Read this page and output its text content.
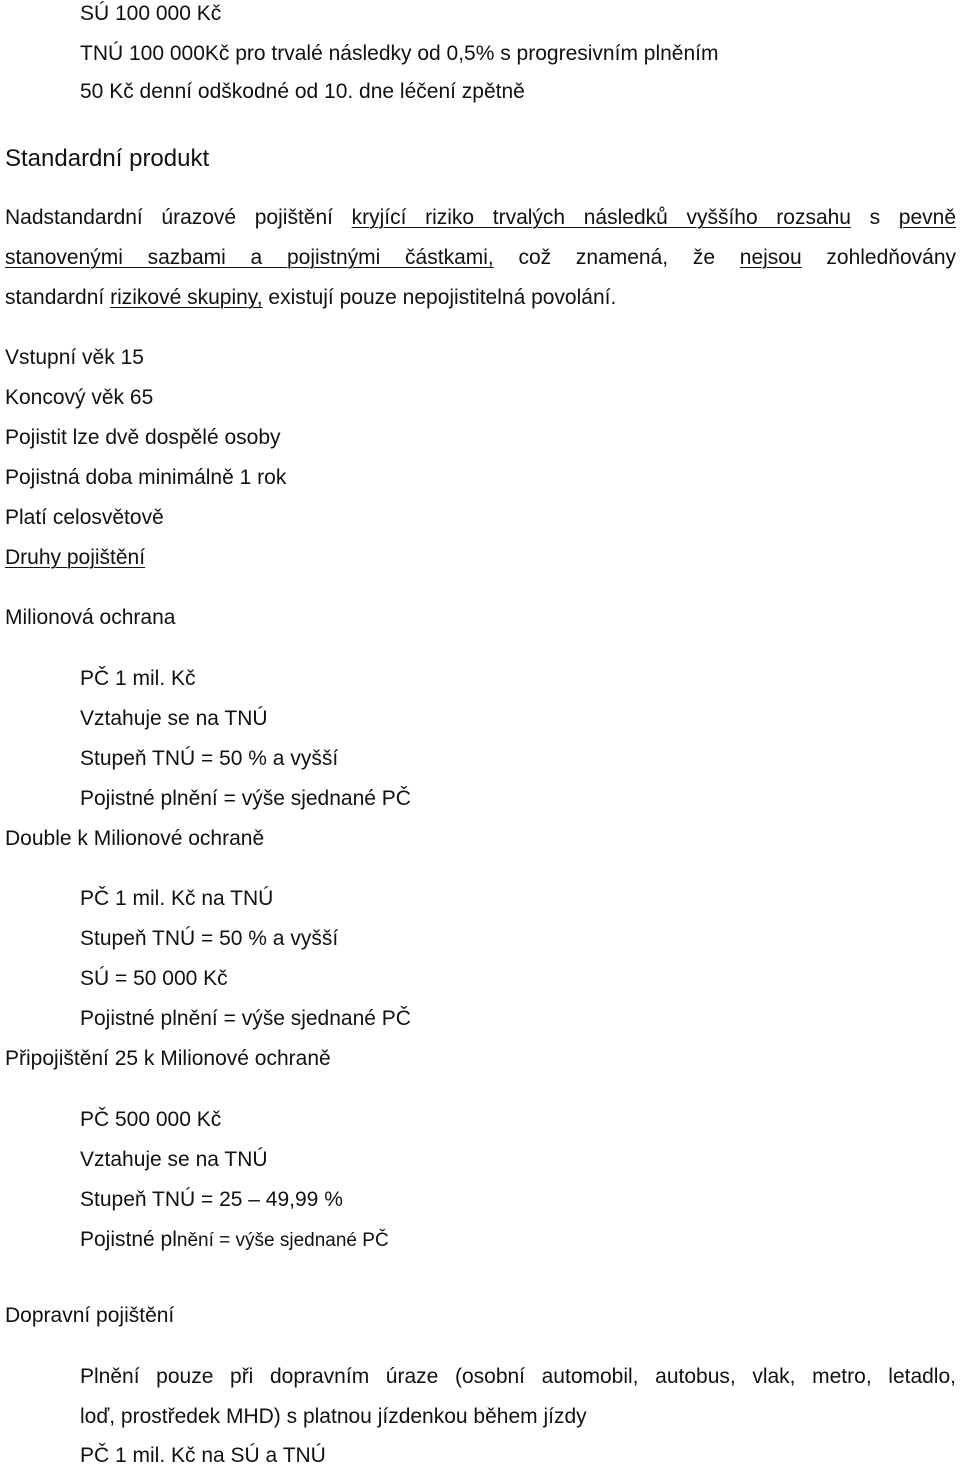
SÚ 100 000 Kč
TNÚ 100 000Kč pro trvalé následky od 0,5% s progresivním plněním
50 Kč denní odškodné od 10. dne léčení zpětně
Standardní produkt
Nadstandardní úrazové pojištění kryjící riziko trvalých následků vyššího rozsahu s pevně
stanovenými sazbami a pojistnými částkami, což znamená, že nejsou zohledňovány
standardní rizikové skupiny, existují pouze nepojistitelná povolání.
Vstupní věk 15
Koncový věk 65
Pojistit lze dvě dospělé osoby
Pojistná doba minimálně 1 rok
Platí celosvětově
Druhy pojištění
Milionová ochrana
PČ 1 mil. Kč
Vztahuje se na TNÚ
Stupeň TNÚ = 50 % a vyšší
Pojistné plnění = výše sjednané PČ
Double k Milionové ochraně
PČ 1 mil. Kč na TNÚ
Stupeň TNÚ = 50 % a vyšší
SÚ = 50 000 Kč
Pojistné plnění = výše sjednané PČ
Připojištění 25 k Milionové ochraně
PČ 500 000 Kč
Vztahuje se na TNÚ
Stupeň TNÚ = 25 – 49,99 %
Pojistné plnění = výše sjednané PČ
Dopravní pojištění
Plnění pouze při dopravním úraze (osobní automobil, autobus, vlak, metro, letadlo,
loď, prostředek MHD) s platnou jízdenkou během jízdy
PČ 1 mil. Kč na SÚ a TNÚ
